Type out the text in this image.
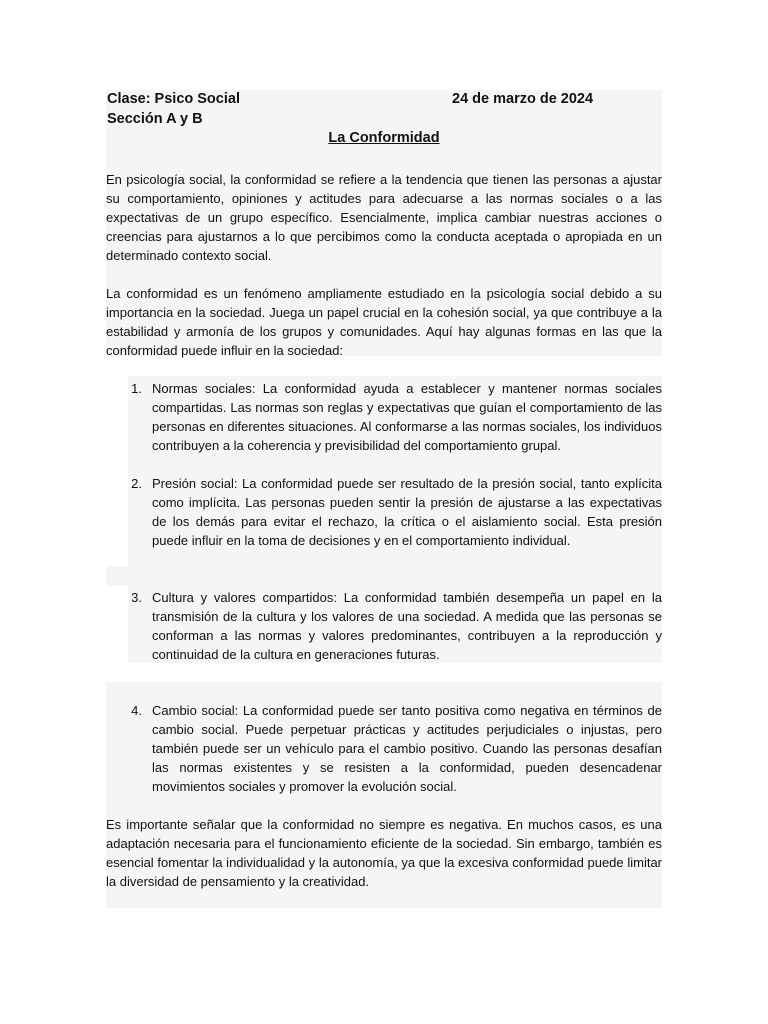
Clase: Psico Social	24 de marzo de 2024
Sección A y B
La Conformidad

En psicología social, la conformidad se refiere a la tendencia que tienen las personas a ajustar su comportamiento, opiniones y actitudes para adecuarse a las normas sociales o a las expectativas de un grupo específico. Esencialmente, implica cambiar nuestras acciones o creencias para ajustarnos a lo que percibimos como la conducta aceptada o apropiada en un determinado contexto social.

La conformidad es un fenómeno ampliamente estudiado en la psicología social debido a su importancia en la sociedad. Juega un papel crucial en la cohesión social, ya que contribuye a la estabilidad y armonía de los grupos y comunidades. Aquí hay algunas formas en las que la conformidad puede influir en la sociedad:

1. Normas sociales: La conformidad ayuda a establecer y mantener normas sociales compartidas. Las normas son reglas y expectativas que guían el comportamiento de las personas en diferentes situaciones. Al conformarse a las normas sociales, los individuos contribuyen a la coherencia y previsibilidad del comportamiento grupal.

2. Presión social: La conformidad puede ser resultado de la presión social, tanto explícita como implícita. Las personas pueden sentir la presión de ajustarse a las expectativas de los demás para evitar el rechazo, la crítica o el aislamiento social. Esta presión puede influir en la toma de decisiones y en el comportamiento individual.

3. Cultura y valores compartidos: La conformidad también desempeña un papel en la transmisión de la cultura y los valores de una sociedad. A medida que las personas se conforman a las normas y valores predominantes, contribuyen a la reproducción y continuidad de la cultura en generaciones futuras.

4. Cambio social: La conformidad puede ser tanto positiva como negativa en términos de cambio social. Puede perpetuar prácticas y actitudes perjudiciales o injustas, pero también puede ser un vehículo para el cambio positivo. Cuando las personas desafían las normas existentes y se resisten a la conformidad, pueden desencadenar movimientos sociales y promover la evolución social.

Es importante señalar que la conformidad no siempre es negativa. En muchos casos, es una adaptación necesaria para el funcionamiento eficiente de la sociedad. Sin embargo, también es esencial fomentar la individualidad y la autonomía, ya que la excesiva conformidad puede limitar la diversidad de pensamiento y la creatividad.
